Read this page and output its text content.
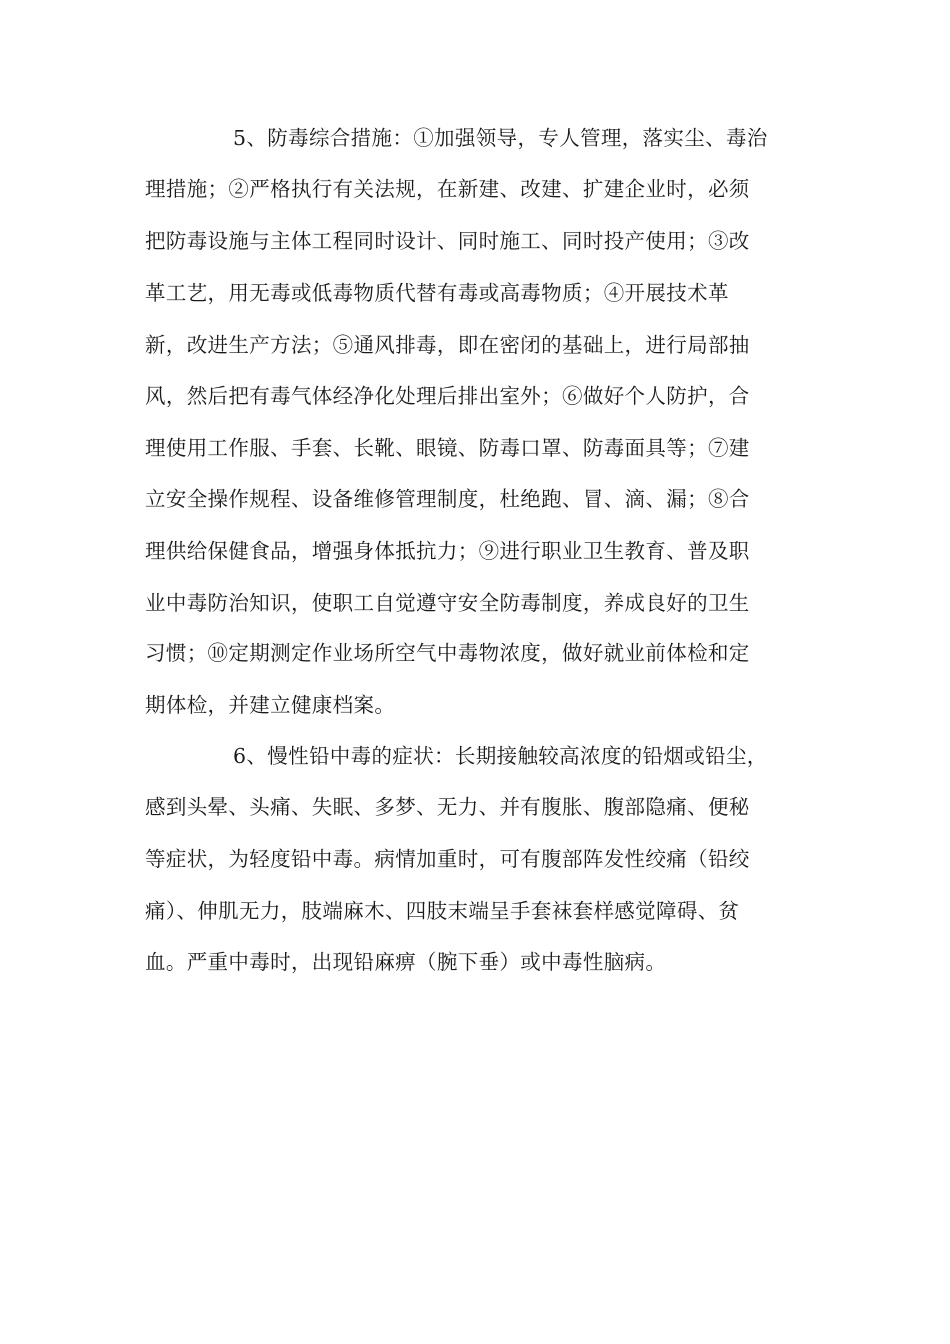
5、防毒综合措施：①加强领导，专人管理，落实尘、毒治
理措施；②严格执行有关法规，在新建、改建、扩建企业时，必须
把防毒设施与主体工程同时设计、同时施工、同时投产使用；③改
革工艺，用无毒或低毒物质代替有毒或高毒物质；④开展技术革
新，改进生产方法；⑤通风排毒，即在密闭的基础上，进行局部抽
风，然后把有毒气体经净化处理后排出室外；⑥做好个人防护，合
理使用工作服、手套、长靴、眼镜、防毒口罩、防毒面具等；⑦建
立安全操作规程、设备维修管理制度，杜绝跑、冒、滴、漏；⑧合
理供给保健食品，增强身体抵抗力；⑨进行职业卫生教育、普及职
业中毒防治知识，使职工自觉遵守安全防毒制度，养成良好的卫生
习惯；⑩定期测定作业场所空气中毒物浓度，做好就业前体检和定
期体检，并建立健康档案。
6、慢性铅中毒的症状：长期接触较高浓度的铅烟或铅尘，
感到头晕、头痛、失眠、多梦、无力、并有腹胀、腹部隐痛、便秘
等症状，为轻度铅中毒。病情加重时，可有腹部阵发性绞痛（铅绞
痛）、伸肌无力，肢端麻木、四肢末端呈手套袜套样感觉障碍、贫
血。严重中毒时，出现铅麻痹（腕下垂）或中毒性脑病。
